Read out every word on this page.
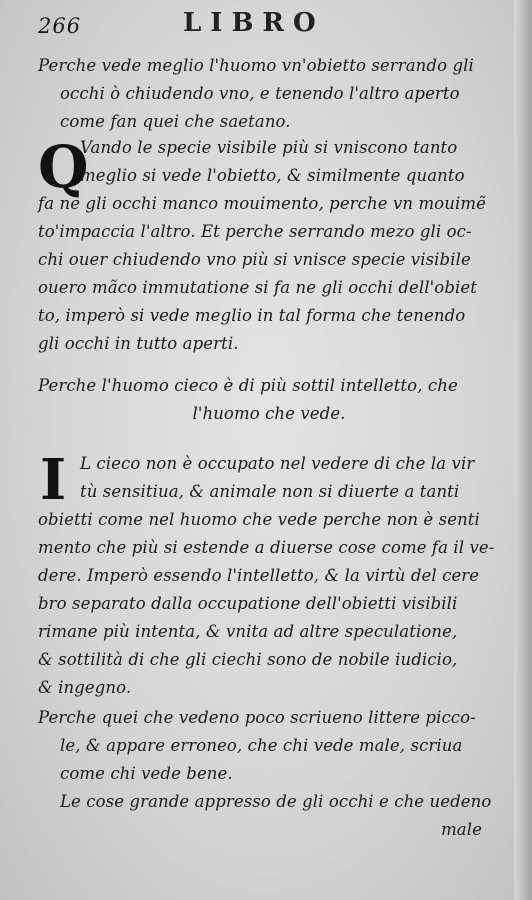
266	LIBRO
Perche vede meglio l'huomo vn'obietto serrando gli
occhi ò chiudendo vno, e tenendo l'altro aperto
come fan quei che saetano.
Q
Vando le specie visibile più si vniscono tanto
meglio si vede l'obietto, & similmente quanto
fa ne gli occhi manco mouimento, perche vn mouimẽ
to'impaccia l'altro. Et perche serrando mezo gli oc-
chi ouer chiudendo vno più si vnisce specie visibile
ouero mãco immutatione si fa ne gli occhi dell'obiet
to, imperò si vede meglio in tal forma che tenendo
gli occhi in tutto aperti.
Perche l'huomo cieco è di più sottil intelletto, che
l'huomo che vede.
I L cieco non è occupato nel vedere di che la vir
tù sensitiua, & animale non si diuerte a tanti
obietti come nel huomo che vede perche non è senti
mento che più si estende a diuerse cose come fa il ve-
dere. Imperò essendo l'intelletto, & la virtù del cere
bro separato dalla occupatione dell'obietti visibili
rimane più intenta, & vnita ad altre speculatione,
& sottilità di che gli ciechi sono de nobile iudicio,
& ingegno.
Perche quei che vedeno poco scriueno littere picco-
le, & appare erroneo, che chi vede male, scriua
come chi vede bene.
Le cose grande appresso de gli occhi e che uedeno
male
